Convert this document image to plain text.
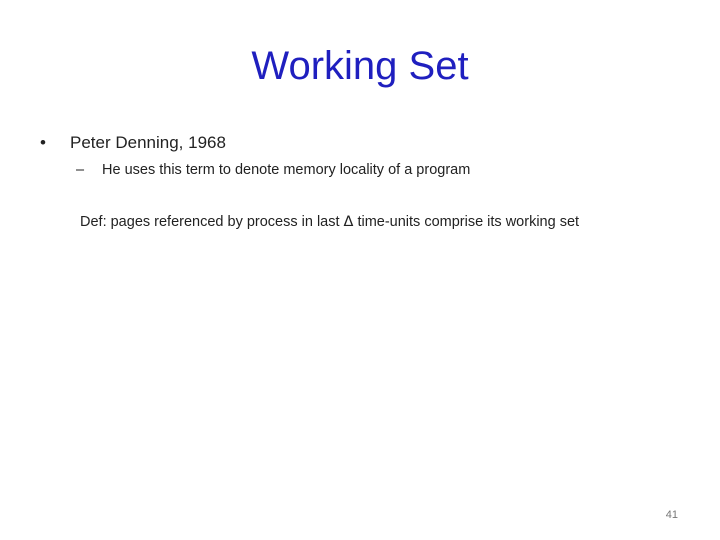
Working Set
• Peter Denning, 1968
– He uses this term to denote memory locality of a program
Def: pages referenced by process in last Δ time-units comprise its working set
41
